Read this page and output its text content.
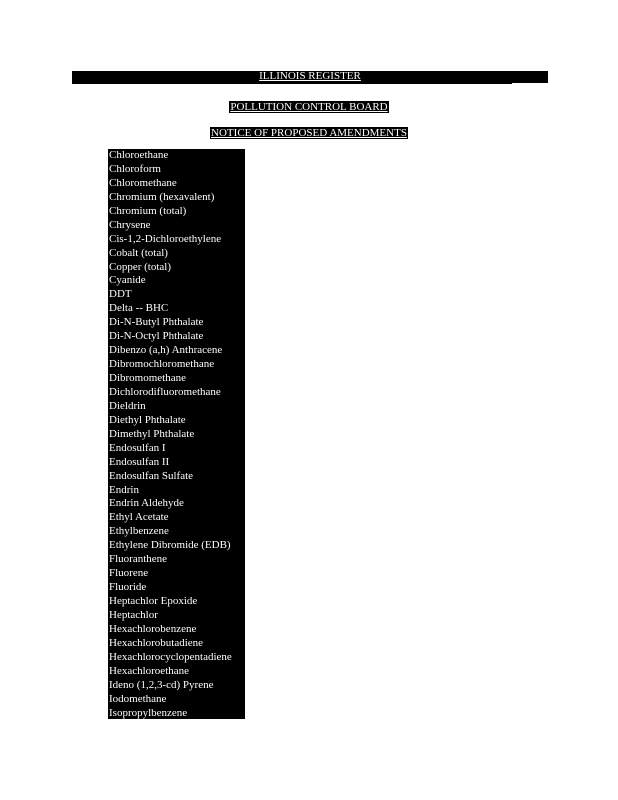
ILLINOIS REGISTER
POLLUTION CONTROL BOARD
NOTICE OF PROPOSED AMENDMENTS
Chloroethane
Chloroform
Chloromethane
Chromium (hexavalent)
Chromium (total)
Chrysene
Cis-1,2-Dichloroethylene
Cobalt (total)
Copper (total)
Cyanide
DDT
Delta -- BHC
Di-N-Butyl Phthalate
Di-N-Octyl Phthalate
Dibenzo (a,h) Anthracene
Dibromochloromethane
Dibromomethane
Dichlorodifluoromethane
Dieldrin
Diethyl Phthalate
Dimethyl Phthalate
Endosulfan I
Endosulfan II
Endosulfan Sulfate
Endrin
Endrin Aldehyde
Ethyl Acetate
Ethylbenzene
Ethylene Dibromide (EDB)
Fluoranthene
Fluorene
Fluoride
Heptachlor Epoxide
Heptachlor
Hexachlorobenzene
Hexachlorobutadiene
Hexachlorocyclopentadiene
Hexachloroethane
Ideno (1,2,3-cd) Pyrene
Iodomethane
Isopropylbenzene
